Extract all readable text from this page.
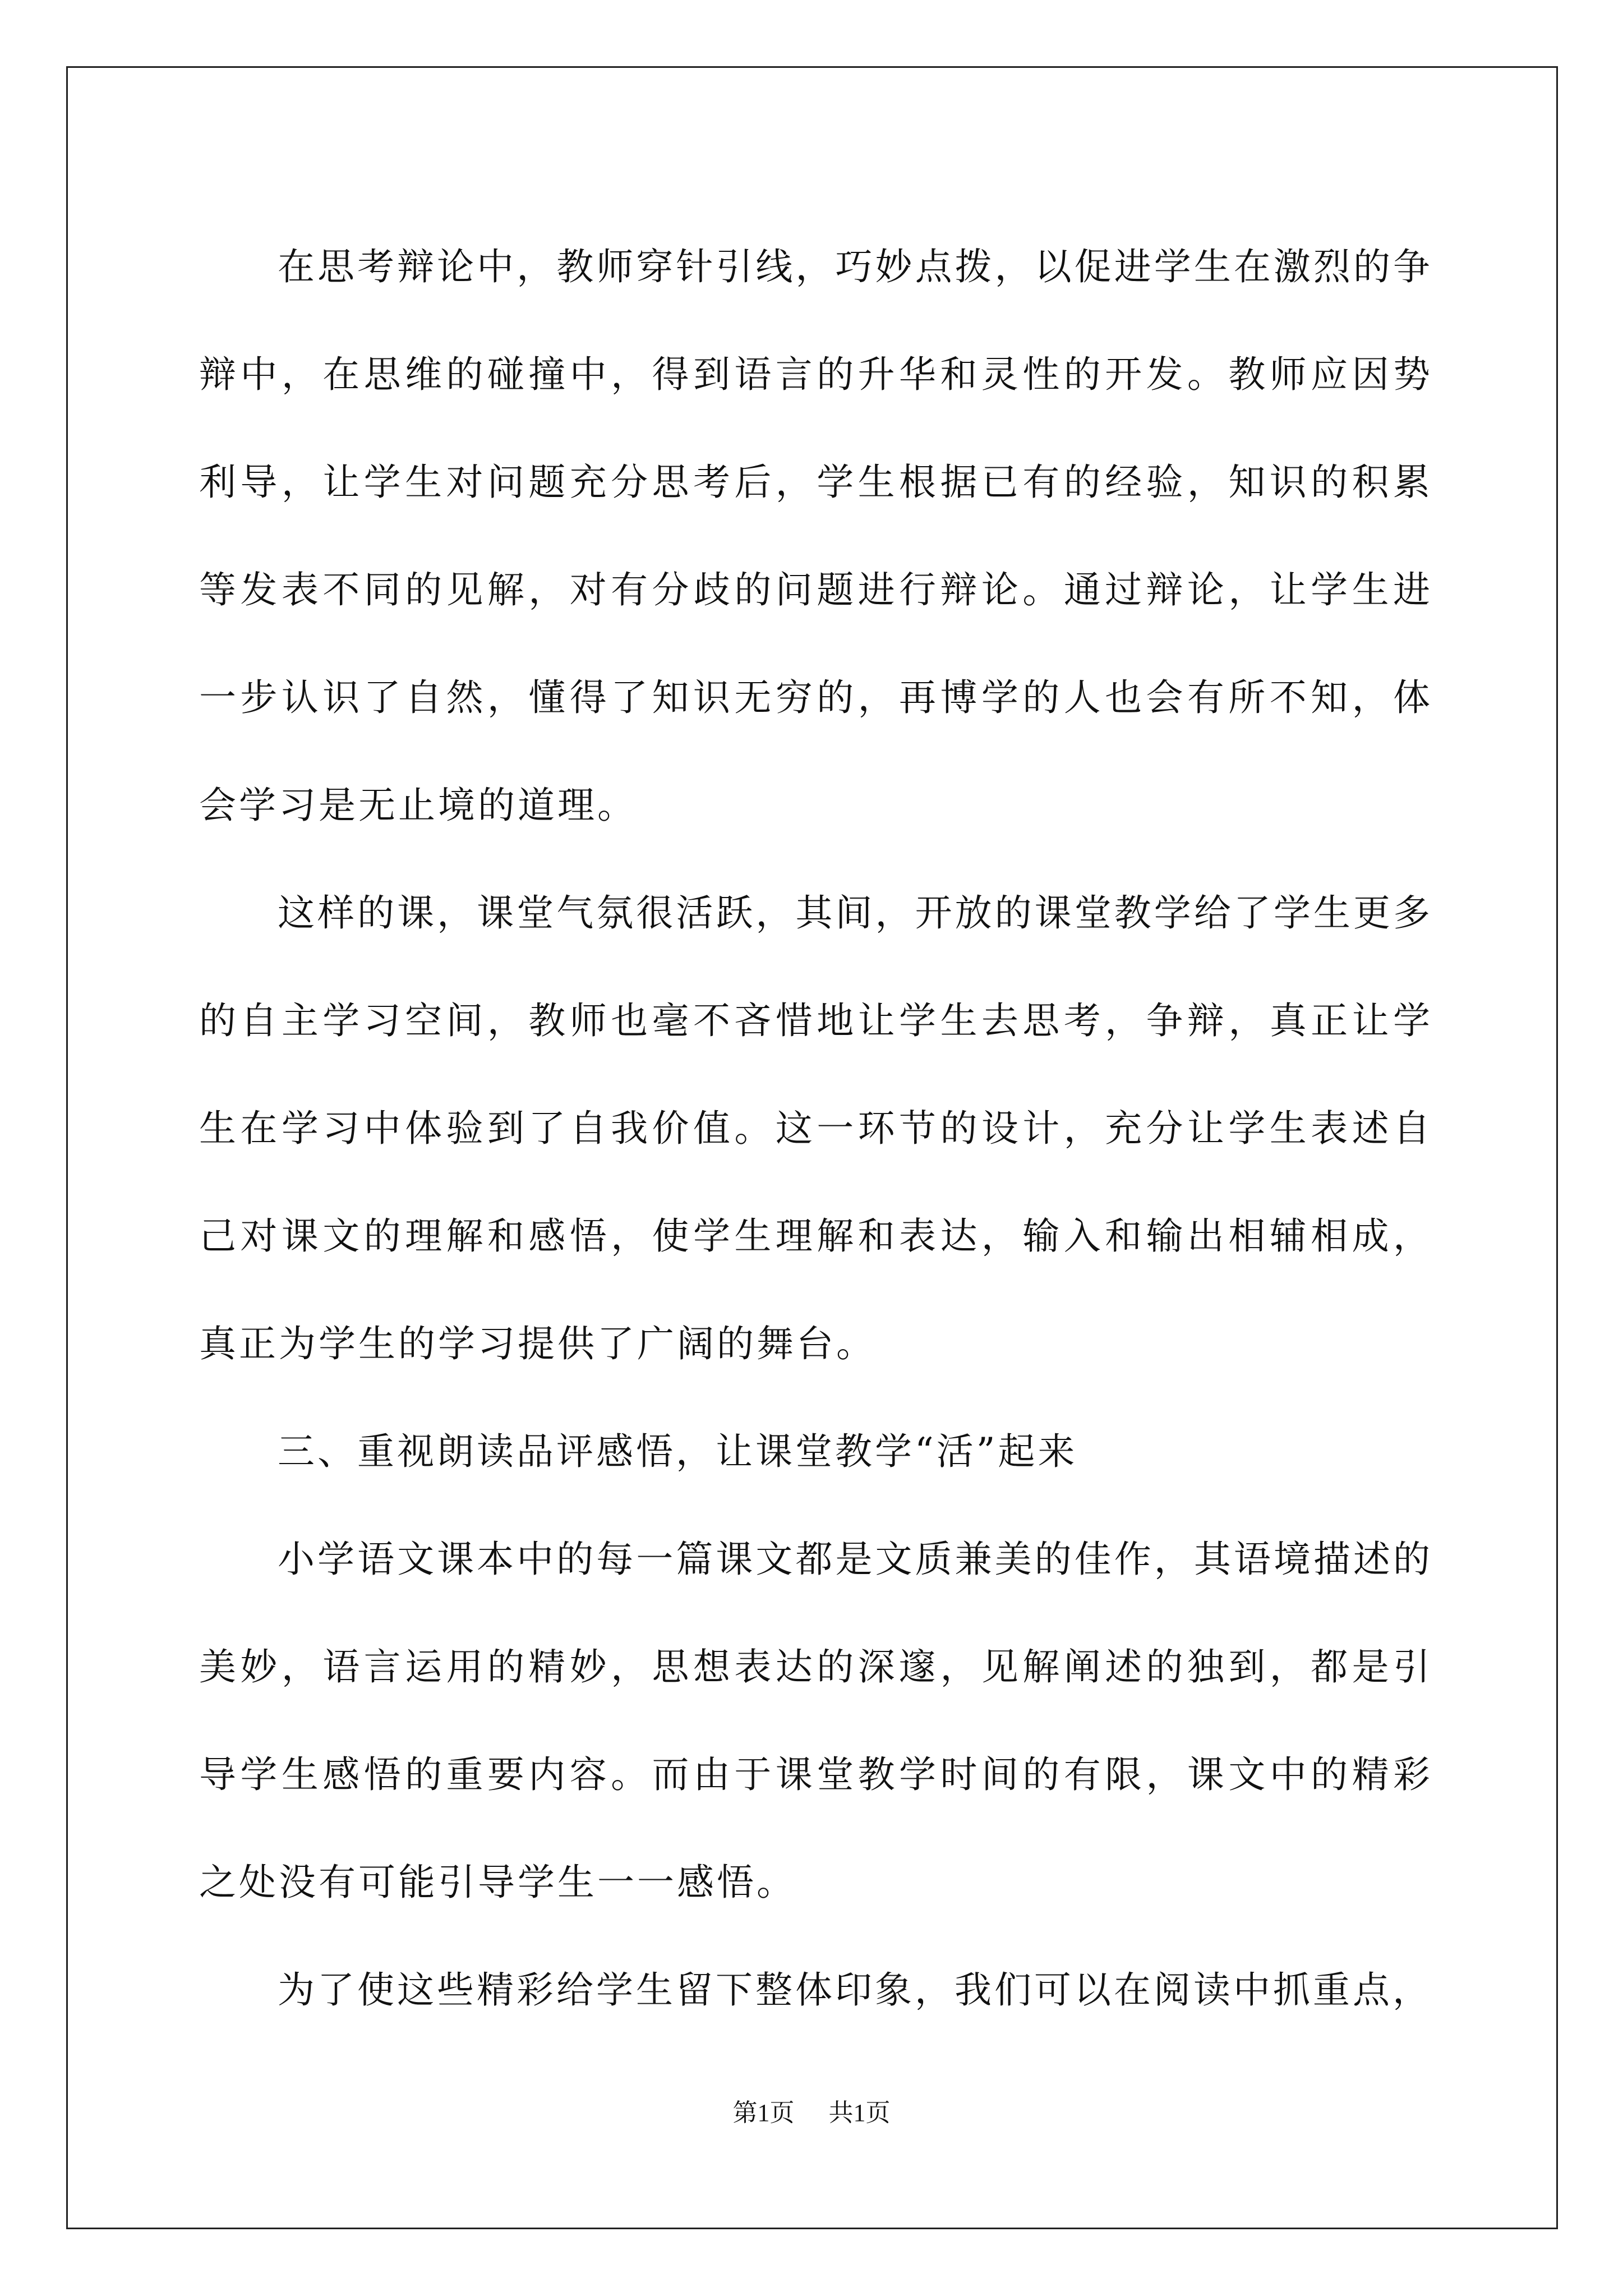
在思考辩论中，教师穿针引线，巧妙点拨，以促进学生在激烈的争辩中，在思维的碰撞中，得到语言的升华和灵性的开发。教师应因势利导，让学生对问题充分思考后，学生根据已有的经验，知识的积累等发表不同的见解，对有分歧的问题进行辩论。通过辩论，让学生进一步认识了自然，懂得了知识无穷的，再博学的人也会有所不知，体会学习是无止境的道理。

这样的课，课堂气氛很活跃，其间，开放的课堂教学给了学生更多的自主学习空间，教师也毫不吝惜地让学生去思考，争辩，真正让学生在学习中体验到了自我价值。这一环节的设计，充分让学生表述自己对课文的理解和感悟，使学生理解和表达，输入和输出相辅相成，真正为学生的学习提供了广阔的舞台。

三、重视朗读品评感悟，让课堂教学“活”起来

小学语文课本中的每一篇课文都是文质兼美的佳作，其语境描述的美妙，语言运用的精妙，思想表达的深邃，见解阐述的独到，都是引导学生感悟的重要内容。而由于课堂教学时间的有限，课文中的精彩之处没有可能引导学生一一感悟。

为了使这些精彩给学生留下整体印象，我们可以在阅读中抓重点，

第1页 共1页
